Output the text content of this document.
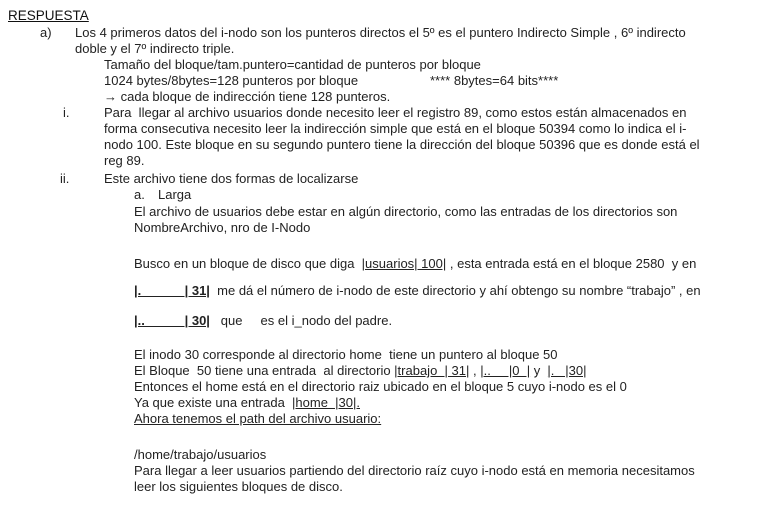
RESPUESTA
a) Los 4 primeros datos del i-nodo son los punteros directos el 5º es el puntero Indirecto Simple , 6º indirecto
doble y el 7º indirecto triple.
Tamaño del bloque/tam.puntero=cantidad de punteros por bloque
1024 bytes/8bytes=128 punteros por bloque	**** 8bytes=64 bits****
→ cada bloque de indirección tiene 128 punteros.
i.	Para  llegar al archivo usuarios donde necesito leer el registro 89, como estos están almacenados en
forma consecutiva necesito leer la indirección simple que está en el bloque 50394 como lo indica el i-
nodo 100. Este bloque en su segundo puntero tiene la dirección del bloque 50396 que es donde está el
reg 89.
ii.	Este archivo tiene dos formas de localizarse
a. Larga
El archivo de usuarios debe estar en algún directorio, como las entradas de los directorios son
NombreArchivo, nro de I-Nodo
Busco en un bloque de disco que diga  |usuarios| 100| , esta entrada está en el bloque 2580  y en
|.            | 31|  me dá el número de i-nodo de este directorio y ahí obtengo su nombre “trabajo” , en
|..           | 30|   que     es el i_nodo del padre.
El inodo 30 corresponde al directorio home  tiene un puntero al bloque 50
El Bloque  50 tiene una entrada  al directorio |trabajo  | 31| , |..     |0  | y  |.   |30|
Entonces el home está en el directorio raiz ubicado en el bloque 5 cuyo i-nodo es el 0
Ya que existe una entrada  |home  |30|.
Ahora tenemos el path del archivo usuario:
/home/trabajo/usuarios
Para llegar a leer usuarios partiendo del directorio raíz cuyo i-nodo está en memoria necesitamos
leer los siguientes bloques de disco.
